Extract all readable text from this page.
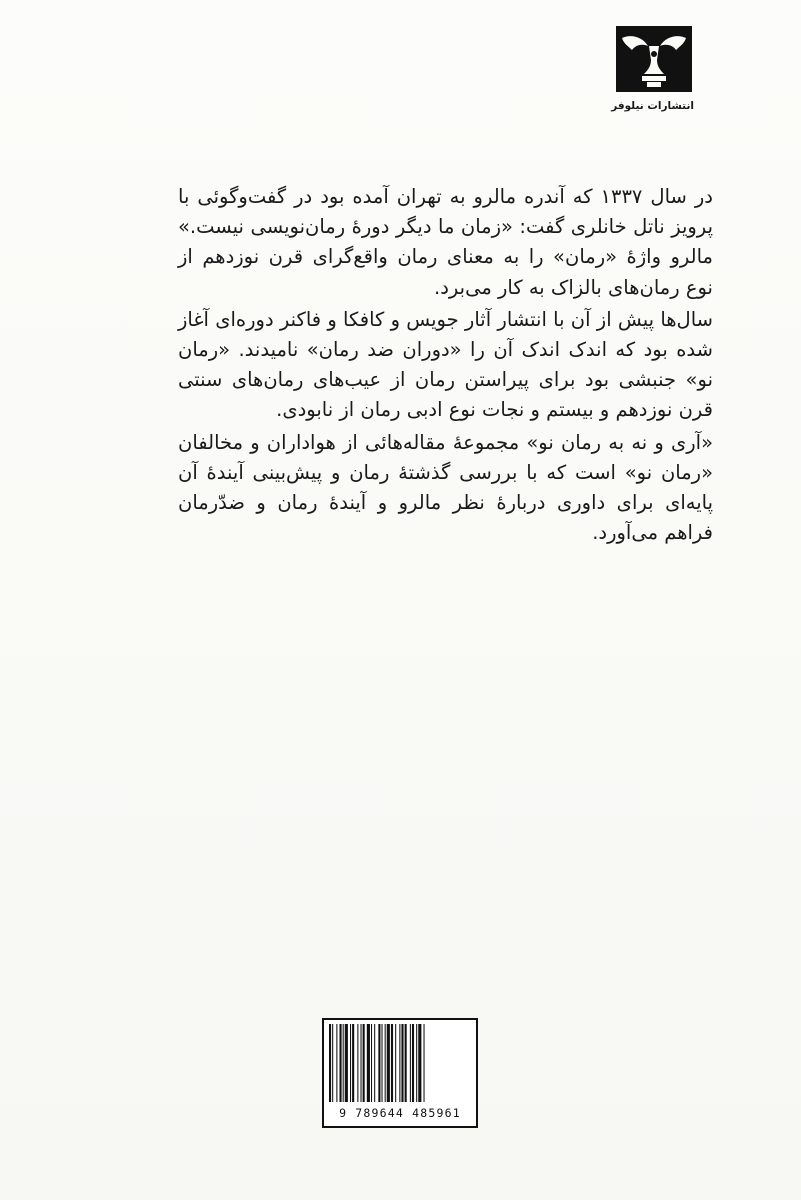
انتشارات نیلوفر

در سال ۱۳۳۷ که آندره مالرو به تهران آمده بود در گفت‌وگوئی با پرویز ناتل خانلری گفت: «زمان ما دیگر دورهٔ رمان‌نویسی نیست.» مالرو واژهٔ «رمان» را به معنای رمان واقع‌گرای قرن نوزدهم از نوع رمان‌های بالزاک به کار می‌برد.

سال‌ها پیش از آن با انتشار آثار جویس و کافکا و فاکنر دوره‌ای آغاز شده بود که اندک اندک آن را «دوران ضد رمان» نامیدند. «رمان نو» جنبشی بود برای پیراستن رمان از عیب‌های رمان‌های سنتی قرن نوزدهم و بیستم و نجات نوع ادبی رمان از نابودی.

«آری و نه به رمان نو» مجموعهٔ مقاله‌هائی از هواداران و مخالفان «رمان نو» است که با بررسی گذشتهٔ رمان و پیش‌بینی آیندهٔ آن پایه‌ای برای داوری دربارهٔ نظر مالرو و آیندهٔ رمان و ضدّرمان فراهم می‌آورد.

9 789644 485961
